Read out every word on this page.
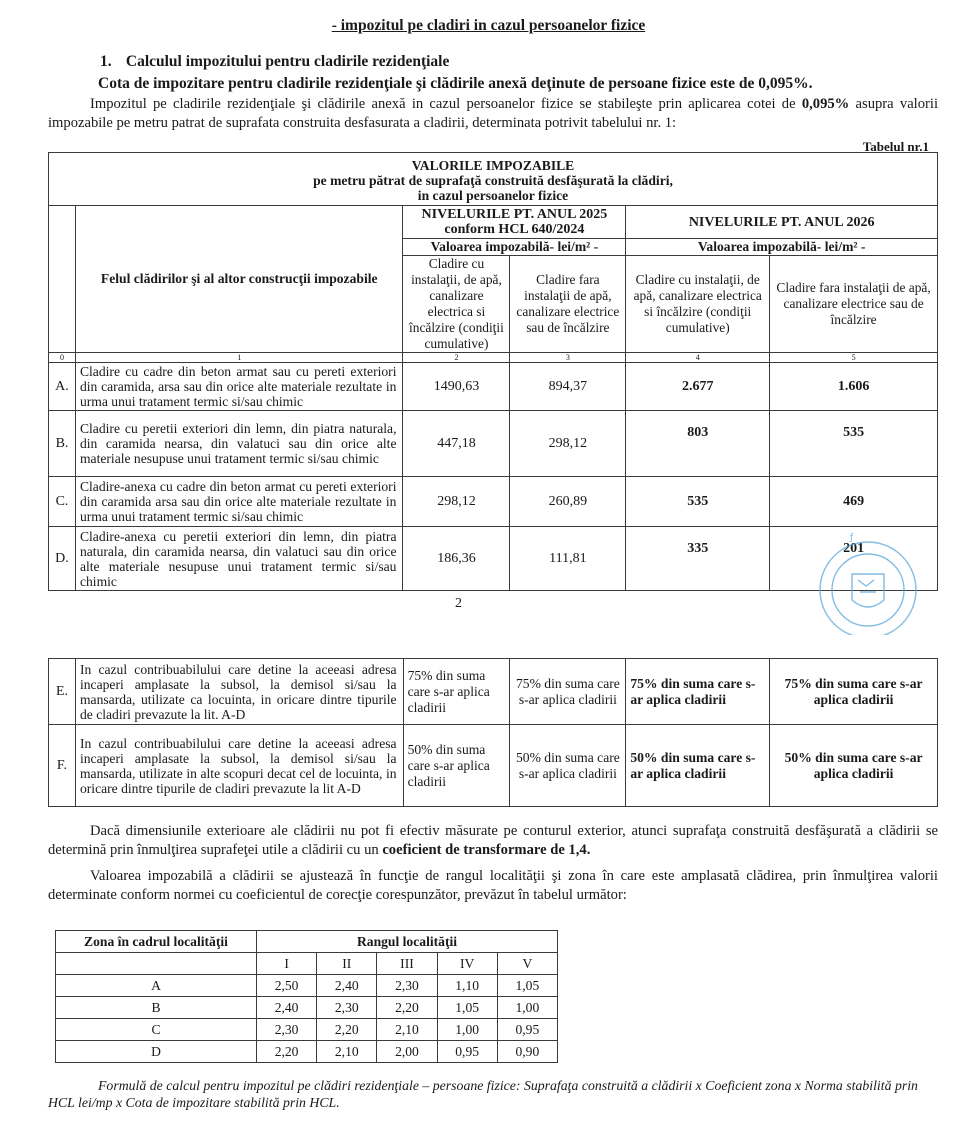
- impozitul pe cladiri in cazul persoanelor fizice
1. Calculul impozitului pentru cladirile rezidenţiale
Cota de impozitare pentru cladirile rezidenţiale şi clădirile anexă deţinute de persoane fizice este de 0,095%.
Impozitul pe cladirile rezidenţiale şi clădirile anexă in cazul persoanelor fizice se stabileşte prin aplicarea cotei de 0,095% asupra valorii impozabile pe metru patrat de suprafata construita desfasurata a cladirii, determinata potrivit tabelului nr. 1:
Tabelul nr.1
VALORILE IMPOZABILE
pe metru pătrat de suprafaţă construită desfăşurată la clădiri,
in cazul persoanelor fizice					

	Felul clădirilor şi al altor construcţii impozabile	NIVELURILE PT. ANUL 2025
conform HCL 640/2024		NIVELURILE PT. ANUL 2026	
		Valoarea impozabilă- lei/m² -		Valoarea impozabilă- lei/m² -	
		Cladire cu instalaţii, de apă, canalizare electrica si încălzire (condiţii cumulative)	Cladire fara instalaţii de apă, canalizare electrice sau de încălzire	Cladire cu instalaţii, de apă, canalizare electrica si încălzire (condiţii cumulative)	Cladire fara instalaţii de apă, canalizare electrice sau de încălzire
0	1	2	3	4	5
A.	Cladire cu cadre din beton armat sau cu pereti exteriori din caramida, arsa sau din orice alte materiale rezultate in urma unui tratament termic si/sau chimic	1490,63	894,37	2.677	1.606
B.	Cladire cu peretii exteriori din lemn, din piatra naturala, din caramida nearsa, din valatuci sau din orice alte materiale nesupuse unui tratament termic si/sau chimic	447,18	298,12	803	535
C.	Cladire-anexa cu cadre din beton armat cu pereti exteriori din caramida arsa sau din orice alte materiale rezultate in urma unui tratament termic si/sau chimic	298,12	260,89	535	469
D.	Cladire-anexa cu peretii exteriori din lemn, din piatra naturala, din caramida nearsa, din valatuci sau din orice alte materiale nesupuse unui tratament termic si/sau chimic	186,36	111,81	335	201
2
ƒ
E.	In cazul contribuabilului care detine la aceeasi adresa incaperi amplasate la subsol, la demisol si/sau la mansarda, utilizate ca locuinta, in oricare dintre tipurile de cladiri prevazute la lit. A-D	75% din suma care s-ar aplica cladirii	75% din suma care s-ar aplica cladirii	75% din suma care s-ar aplica cladirii	75% din suma care s-ar aplica cladirii
F.	In cazul contribuabilului care detine la aceeasi adresa incaperi amplasate la subsol, la demisol si/sau la mansarda, utilizate in alte scopuri decat cel de locuinta, in oricare dintre tipurile de cladiri prevazute la lit A-D	50% din suma care s-ar aplica cladirii	50% din suma care s-ar aplica cladirii	50% din suma care s-ar aplica cladirii	50% din suma care s-ar aplica cladirii
Dacă dimensiunile exterioare ale clădirii nu pot fi efectiv măsurate pe conturul exterior, atunci suprafaţa construită desfăşurată a clădirii se determină prin înmulţirea suprafeţei utile a clădirii cu un coeficient de transformare de 1,4.
Valoarea impozabilă a clădirii se ajustează în funcţie de rangul localităţii şi zona în care este amplasată clădirea, prin înmulţirea valorii determinate conform normei cu coeficientul de corecţie corespunzător, prevăzut în tabelul următor:
Zona în cadrul localităţii	Rangul localităţii				
	I	II	III	IV	V
A	2,50	2,40	2,30	1,10	1,05
B	2,40	2,30	2,20	1,05	1,00
C	2,30	2,20	2,10	1,00	0,95
D	2,20	2,10	2,00	0,95	0,90
Formulă de calcul pentru impozitul pe clădiri rezidenţiale – persoane fizice: Suprafaţa construită a clădirii x Coeficient zona x Norma stabilită prin HCL lei/mp x Cota de impozitare stabilită prin HCL.
